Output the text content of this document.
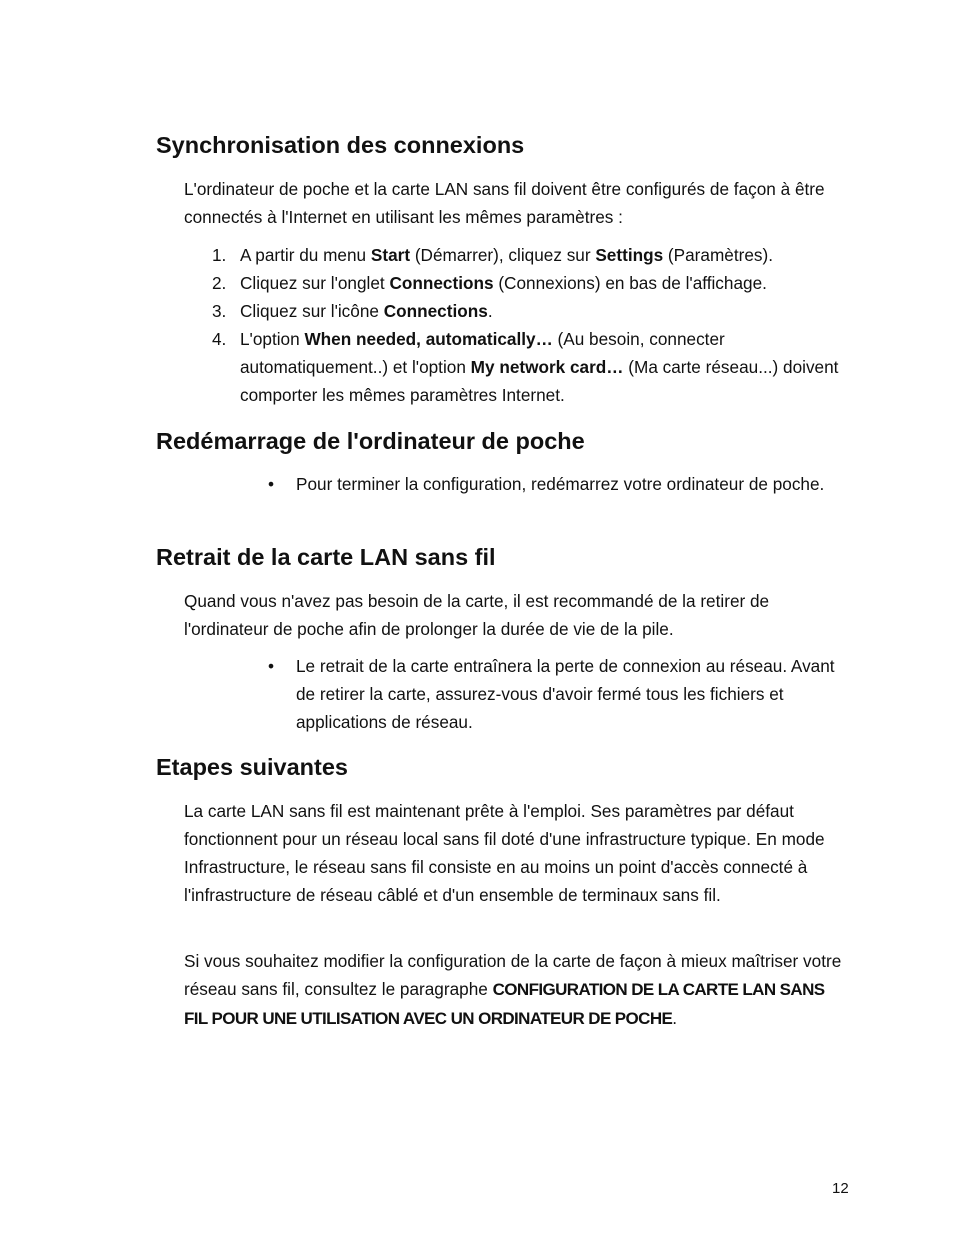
Synchronisation des connexions

L'ordinateur de poche et la carte LAN sans fil doivent être configurés de façon à être connectés à l'Internet en utilisant les mêmes paramètres :

1. A partir du menu Start (Démarrer), cliquez sur Settings (Paramètres).
2. Cliquez sur l'onglet Connections (Connexions) en bas de l'affichage.
3. Cliquez sur l'icône Connections.
4. L'option When needed, automatically… (Au besoin, connecter automatiquement..) et l'option My network card… (Ma carte réseau...) doivent comporter les mêmes paramètres Internet.
Redémarrage de l'ordinateur de poche
• Pour terminer la configuration, redémarrez votre ordinateur de poche.
Retrait de la carte LAN sans fil

Quand vous n'avez pas besoin de la carte, il est recommandé de la retirer de l'ordinateur de poche afin de prolonger la durée de vie de la pile.

• Le retrait de la carte entraînera la perte de connexion au réseau. Avant de retirer la carte, assurez-vous d'avoir fermé tous les fichiers et applications de réseau.
Etapes suivantes

La carte LAN sans fil est maintenant prête à l'emploi. Ses paramètres par défaut fonctionnent pour un réseau local sans fil doté d'une infrastructure typique. En mode Infrastructure, le réseau sans fil consiste en au moins un point d'accès connecté à l'infrastructure de réseau câblé et d'un ensemble de terminaux sans fil.

Si vous souhaitez modifier la configuration de la carte de façon à mieux maîtriser votre réseau sans fil, consultez le paragraphe CONFIGURATION DE LA CARTE LAN SANS FIL POUR UNE UTILISATION AVEC UN ORDINATEUR DE POCHE.

12
